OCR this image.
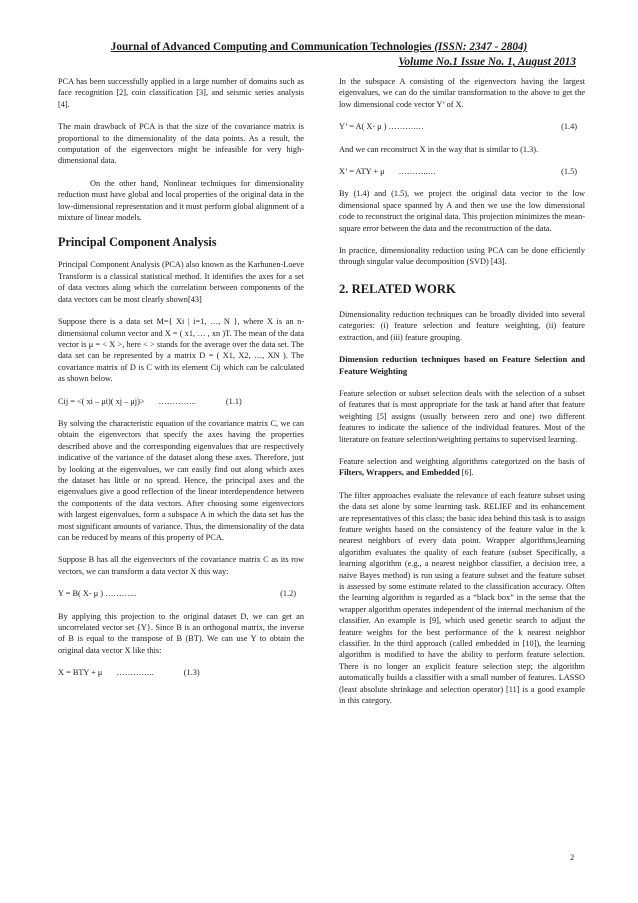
Journal of Advanced Computing and Communication Technologies (ISSN: 2347 - 2804)
Volume No.1 Issue No. 1, August 2013

PCA has been successfully applied in a large number of domains such as face recognition [2], coin classification [3], and seismic series analysis [4].

The main drawback of PCA is that the size of the covariance matrix is proportional to the dimensionality of the data points. As a result, the computation of the eigenvectors might be infeasible for very high-dimensional data.

On the other hand, Nonlinear techniques for dimensionality reduction must have global and local properties of the original data in the low-dimensional representation and it must perform global alignment of a mixture of linear models.

Principal Component Analysis

Principal Component Analysis (PCA) also known as the Karhunen-Loeve Transform is a classical statistical method. It identifies the axes for a set of data vectors along which the correlation between components of the data vectors can be most clearly shown[43]

Suppose there is a data set M={ Xi | i=1, …, N }, where X is an n-dimensional column vector and X = ( x1, … , xn )T. The mean of the data vector is μ = < X >, here < > stands for the average over the data set. The data set can be represented by a matrix D = ( X1, X2, …, XN ). The covariance matrix of D is C with its element Cij which can be calculated as shown below.

Cij = <( xi – μi)( xj – μj)> …………..	(1.1)

By solving the characteristic equation of the covariance matrix C, we can obtain the eigenvectors that specify the axes having the properties described above and the corresponding eigenvalues that are respectively indicative of the variance of the dataset along these axes. Therefore, just by looking at the eigenvalues, we can easily find out along which axes the dataset has little or no spread. Hence, the principal axes and the eigenvalues give a good reflection of the linear interdependence between the components of the data vectors. After choosing some eigenvectors with largest eigenvalues, form a subspace A in which the data set has the most significant amounts of variance. Thus, the dimensionality of the data can be reduced by means of this property of PCA.

Suppose B has all the eigenvectors of the covariance matrix C as its row vectors, we can transform a data vector X this way:

Y = B( X- μ ) ………...	(1.2)

By applying this projection to the original dataset D, we can get an uncorrelated vector set {Y}. Since B is an orthogonal matrix, the inverse of B is equal to the transpose of B (BT). We can use Y to obtain the original data vector X like this:

X = BTY + μ …………..	(1.3)

In the subspace A consisting of the eigenvectors having the largest eigenvalues, we can do the similar transformation to the above to get the low dimensional code vector Y’ of X.

Y’ = A( X- μ ) ……….…	(1.4)

And we can reconstruct X in the way that is similar to (1.3).

X’ = ATY + μ ………..…	(1.5)

By (1.4) and (1.5), we project the original data vector to the low dimensional space spanned by A and then we use the low dimensional code to reconstruct the original data. This projection minimizes the mean-square error between the data and the reconstruction of the data.

In practice, dimensionality reduction using PCA can be done efficiently through singular value decomposition (SVD) [43].

2. RELATED WORK

Dimensionality reduction techniques can be broadly divided into several categories: (i) feature selection and feature weighting, (ii) feature extraction, and (iii) feature grouping.

Dimension reduction techniques based on Feature Selection and Feature Weighting

Feature selection or subset selection deals with the selection of a subset of features that is most appropriate for the task at hand after that feature weighting [5] assigns (usually between zero and one) two different features to indicate the salience of the individual features. Most of the literature on feature selection/weighting pertains to supervised learning.

Feature selection and weighting algorithms categorized on the basis of Filters, Wrappers, and Embedded [6].

The filter approaches evaluate the relevance of each feature subset using the data set alone by some learning task. RELIEF and its enhancement are representatives of this class; the basic idea behind this task is to assign feature weights based on the consistency of the feature value in the k nearest neighbors of every data point. Wrapper algorithms,learning algorithm evaluates the quality of each feature (subset Specifically, a learning algorithm (e.g., a nearest neighbor classifier, a decision tree, a naive Bayes method) is run using a feature subset and the feature subset is assessed by some estimate related to the classification accuracy. Often the learning algorithm is regarded as a “black box” in the sense that the wrapper algorithm operates independent of the internal mechanism of the classifier. An example is [9], which used genetic search to adjust the feature weights for the best performance of the k nearest neighbor classifier. In the third approach (called embedded in [10]), the learning algorithm is modified to have the ability to perform feature selection. There is no longer an explicit feature selection step; the algorithm automatically builds a classifier with a small number of features. LASSO (least absolute shrinkage and selection operator) [11] is a good example in this category.

2
